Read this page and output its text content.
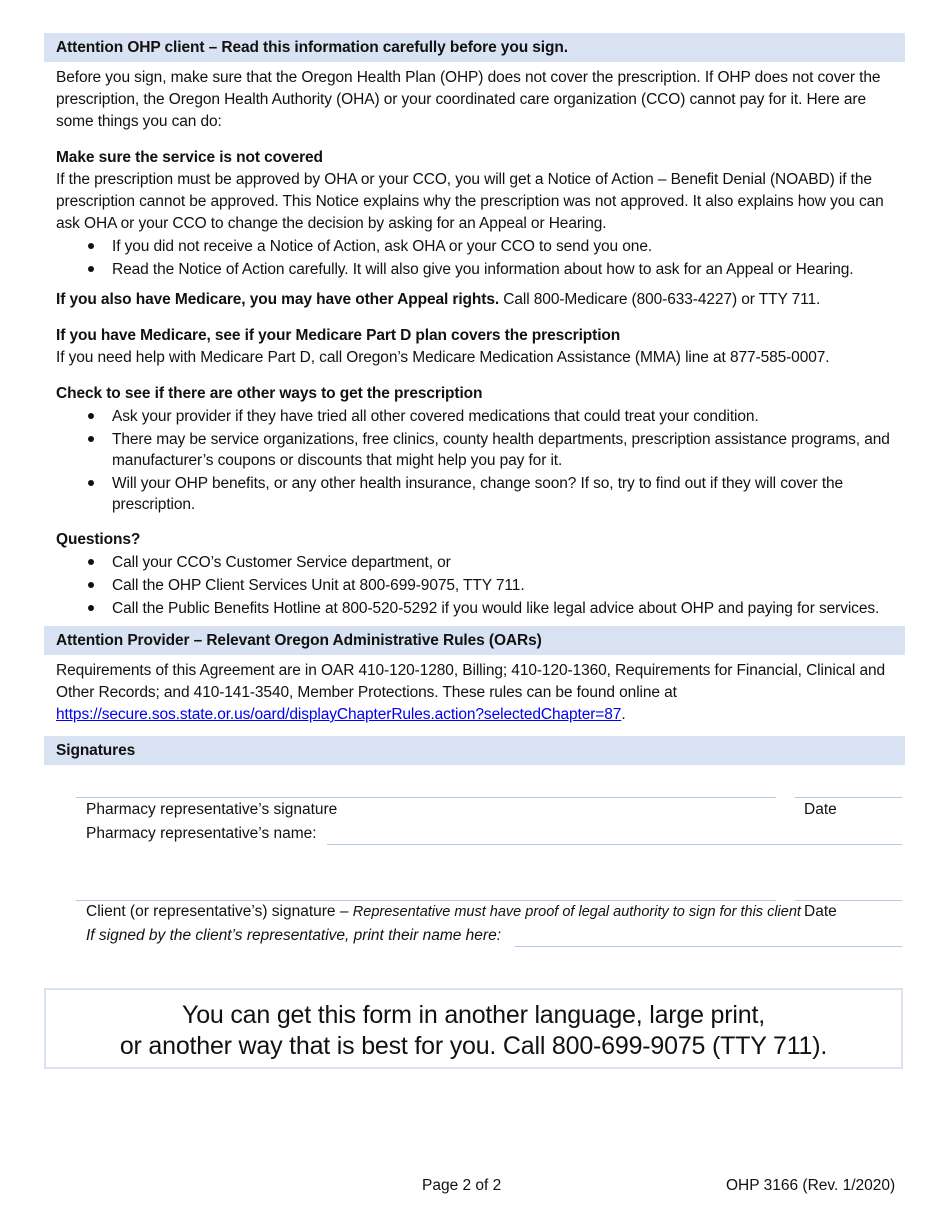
Attention OHP client – Read this information carefully before you sign.

Before you sign, make sure that the Oregon Health Plan (OHP) does not cover the prescription. If OHP does not cover the prescription, the Oregon Health Authority (OHA) or your coordinated care organization (CCO) cannot pay for it. Here are some things you can do:

Make sure the service is not covered

If the prescription must be approved by OHA or your CCO, you will get a Notice of Action – Benefit Denial (NOABD) if the prescription cannot be approved. This Notice explains why the prescription was not approved. It also explains how you can ask OHA or your CCO to change the decision by asking for an Appeal or Hearing.

If you did not receive a Notice of Action, ask OHA or your CCO to send you one.
Read the Notice of Action carefully. It will also give you information about how to ask for an Appeal or Hearing.

If you also have Medicare, you may have other Appeal rights. Call 800-Medicare (800-633-4227) or TTY 711.

If you have Medicare, see if your Medicare Part D plan covers the prescription

If you need help with Medicare Part D, call Oregon’s Medicare Medication Assistance (MMA) line at 877-585-0007.

Check to see if there are other ways to get the prescription

Ask your provider if they have tried all other covered medications that could treat your condition.
There may be service organizations, free clinics, county health departments, prescription assistance programs, and manufacturer’s coupons or discounts that might help you pay for it.
Will your OHP benefits, or any other health insurance, change soon? If so, try to find out if they will cover the prescription.

Questions?

Call your CCO’s Customer Service department, or
Call the OHP Client Services Unit at 800-699-9075, TTY 711.
Call the Public Benefits Hotline at 800-520-5292 if you would like legal advice about OHP and paying for services.
Attention Provider – Relevant Oregon Administrative Rules (OARs)

Requirements of this Agreement are in OAR 410-120-1280, Billing; 410-120-1360, Requirements for Financial, Clinical and Other Records; and 410-141-3540, Member Protections. These rules can be found online at
https://secure.sos.state.or.us/oard/displayChapterRules.action?selectedChapter=87.

Signatures
Pharmacy representative’s signature	Date
Pharmacy representative’s name:
Client (or representative’s) signature – Representative must have proof of legal authority to sign for this client Date
If signed by the client’s representative, print their name here:
You can get this form in another language, large print,
or another way that is best for you. Call 800-699-9075 (TTY 711).
Page 2 of 2	OHP 3166 (Rev. 1/2020)
